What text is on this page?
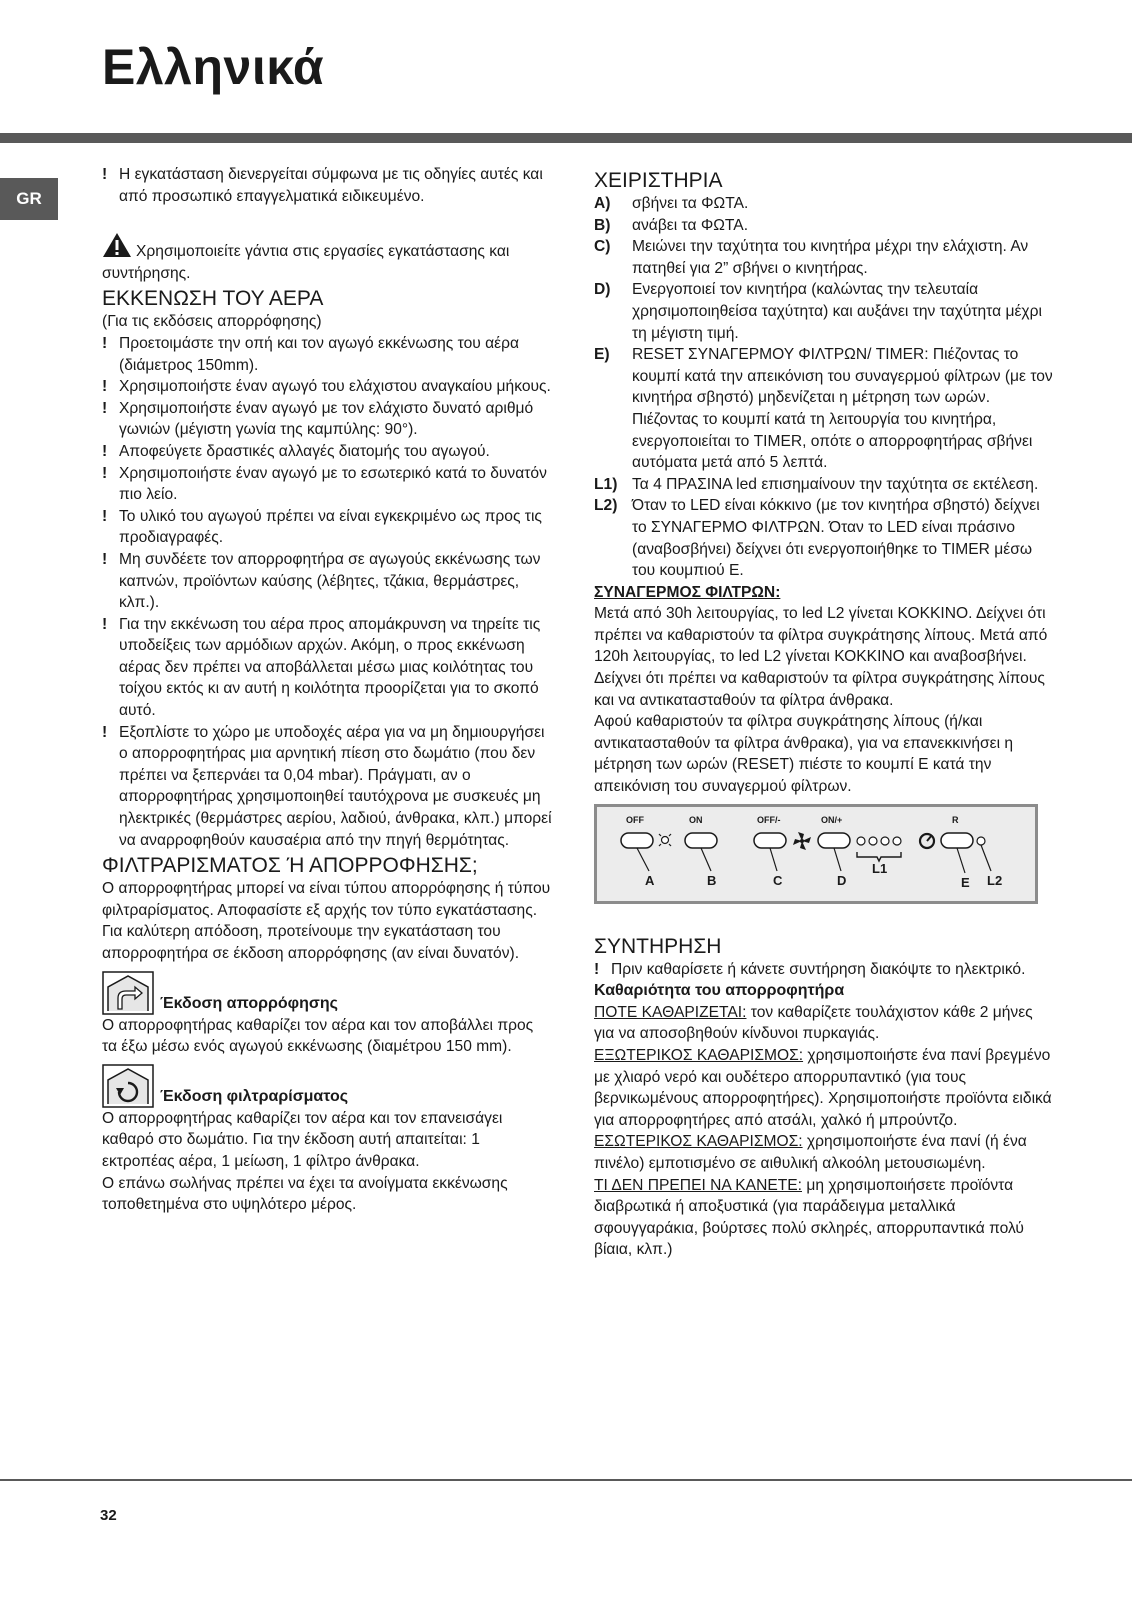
Ελληνικά
GR
! Η εγκατάσταση διενεργείται σύμφωνα με τις οδηγίες αυτές και από προσωπικό επαγγελματικά ειδικευμένο.

Χρησιμοποιείτε γάντια στις εργασίες εγκατάστασης και συντήρησης.

ΕΚΚΕΝΩΣΗ ΤΟΥ ΑΕΡΑ

(Για τις εκδόσεις απορρόφησης)

! Προετοιμάστε την οπή και τον αγωγό εκκένωσης του αέρα (διάμετρος 150mm).
! Χρησιμοποιήστε έναν αγωγό του ελάχιστου αναγκαίου μήκους.
! Χρησιμοποιήστε έναν αγωγό με τον ελάχιστο δυνατό αριθμό γωνιών (μέγιστη γωνία της καμπύλης: 90°).
! Αποφεύγετε δραστικές αλλαγές διατομής του αγωγού.
! Χρησιμοποιήστε έναν αγωγό με το εσωτερικό κατά το δυνατόν πιο λείο.
! Το υλικό του αγωγού πρέπει να είναι εγκεκριμένο ως προς τις προδιαγραφές.
! Μη συνδέετε τον απορροφητήρα σε αγωγούς εκκένωσης των καπνών, προϊόντων καύσης (λέβητες, τζάκια, θερμάστρες, κλπ.).
! Για την εκκένωση του αέρα προς απομάκρυνση να τηρείτε τις υποδείξεις των αρμόδιων αρχών. Ακόμη, ο προς εκκένωση αέρας δεν πρέπει να αποβάλλεται μέσω μιας κοιλότητας του τοίχου εκτός κι αν αυτή η κοιλότητα προορίζεται για το σκοπό αυτό.
! Εξοπλίστε το χώρο με υποδοχές αέρα για να μη δημιουργήσει ο απορροφητήρας μια αρνητική πίεση στο δωμάτιο (που δεν πρέπει να ξεπερνάει τα 0,04 mbar). Πράγματι, αν ο απορροφητήρας χρησιμοποιηθεί ταυτόχρονα με συσκευές μη ηλεκτρικές (θερμάστρες αερίου, λαδιού, άνθρακα, κλπ.) μπορεί να αναρροφηθούν καυσαέρια από την πηγή θερμότητας.
ΦΙΛΤΡΑΡΙΣΜΑΤΟΣ Ή ΑΠΟΡΡΟΦΗΣΗΣ;

Ο απορροφητήρας μπορεί να είναι τύπου απορρόφησης ή τύπου φιλτραρίσματος. Αποφασίστε εξ αρχής τον τύπο εγκατάστασης. Για καλύτερη απόδοση, προτείνουμε την εγκατάσταση του απορροφητήρα σε έκδοση απορρόφησης (αν είναι δυνατόν).

Έκδοση απορρόφησης

Ο απορροφητήρας καθαρίζει τον αέρα και τον αποβάλλει προς τα έξω μέσω ενός αγωγού εκκένωσης (διαμέτρου 150 mm).

Έκδοση φιλτραρίσματος

Ο απορροφητήρας καθαρίζει τον αέρα και τον επανεισάγει καθαρό στο δωμάτιο. Για την έκδοση αυτή απαιτείται: 1 εκτροπέας αέρα, 1 μείωση, 1 φίλτρο άνθρακα.

Ο επάνω σωλήνας πρέπει να έχει τα ανοίγματα εκκένωσης τοποθετημένα στο υψηλότερο μέρος.

ΧΕΙΡΙΣΤΗΡΙΑ
A)	σβήνει τα ΦΩΤΑ.
B)	ανάβει τα ΦΩΤΑ.
C)	Μειώνει την ταχύτητα του κινητήρα μέχρι την ελάχιστη. Αν πατηθεί για 2” σβήνει ο κινητήρας.
D)	Ενεργοποιεί τον κινητήρα (καλώντας την τελευταία χρησιμοποιηθείσα ταχύτητα) και αυξάνει την ταχύτητα μέχρι τη μέγιστη τιμή.
E)	RESET ΣΥΝΑΓΕΡΜΟΥ ΦΙΛΤΡΩΝ/ TIMER: Πιέζοντας το κουμπί κατά την απεικόνιση του συναγερμού φίλτρων (με τον κινητήρα σβηστό) μηδενίζεται η μέτρηση των ωρών. Πιέζοντας το κουμπί κατά τη λειτουργία του κινητήρα, ενεργοποιείται το TIMER, οπότε ο απορροφητήρας σβήνει αυτόματα μετά από 5 λεπτά.
L1) Τα 4 ΠΡΑΣΙΝΑ led επισημαίνουν την ταχύτητα σε εκτέλεση.
L2) Όταν το LED είναι κόκκινο (με τον κινητήρα σβηστό) δείχνει το ΣΥΝΑΓΕΡΜΟ ΦΙΛΤΡΩΝ. Όταν το LED είναι πράσινο (αναβοσβήνει) δείχνει ότι ενεργοποιήθηκε το TIMER μέσω του κουμπιού E.

ΣΥΝΑΓΕΡΜΟΣ ΦΙΛΤΡΩΝ:

Μετά από 30h λειτουργίας, το led L2 γίνεται ΚΟΚΚΙΝΟ. Δείχνει ότι πρέπει να καθαριστούν τα φίλτρα συγκράτησης λίπους. Μετά από 120h λειτουργίας, το led L2 γίνεται ΚΟΚΚΙΝΟ και αναβοσβήνει. Δείχνει ότι πρέπει να καθαριστούν τα φίλτρα συγκράτησης λίπους και να αντικατασταθούν τα φίλτρα άνθρακα.

Αφού καθαριστούν τα φίλτρα συγκράτησης λίπους (ή/και αντικατασταθούν τα φίλτρα άνθρακα), για να επανεκκινήσει η μέτρηση των ωρών (RESET) πιέστε το κουμπί E κατά την απεικόνιση του συναγερμού φίλτρων.

OFF	ON	OFF/-	ON/+	R
A	B	C	D
L1
E L2
ΣΥΝΤΗΡΗΣΗ
! Πριν καθαρίσετε ή κάνετε συντήρηση διακόψτε το ηλεκτρικό.
Καθαριότητα του απορροφητήρα

ΠΟΤΕ ΚΑΘΑΡΙΖΕΤΑΙ: τον καθαρίζετε τουλάχιστον κάθε 2 μήνες για να αποσοβηθούν κίνδυνοι πυρκαγιάς.

ΕΞΩΤΕΡΙΚΟΣ ΚΑΘΑΡΙΣΜΟΣ: χρησιμοποιήστε ένα πανί βρεγμένο με χλιαρό νερό και ουδέτερο απορρυπαντικό (για τους βερνικωμένους απορροφητήρες). Χρησιμοποιήστε προϊόντα ειδικά για απορροφητήρες από ατσάλι, χαλκό ή μπρούντζο.

ΕΣΩΤΕΡΙΚΟΣ ΚΑΘΑΡΙΣΜΟΣ: χρησιμοποιήστε ένα πανί (ή ένα πινέλο) εμποτισμένο σε αιθυλική αλκοόλη μετουσιωμένη.

ΤΙ ΔΕΝ ΠΡΕΠΕΙ ΝΑ ΚΑΝΕΤΕ: μη χρησιμοποιήσετε προϊόντα διαβρωτικά ή αποξυστικά (για παράδειγμα μεταλλικά σφουγγαράκια, βούρτσες πολύ σκληρές, απορρυπαντικά πολύ βίαια, κλπ.)

32
